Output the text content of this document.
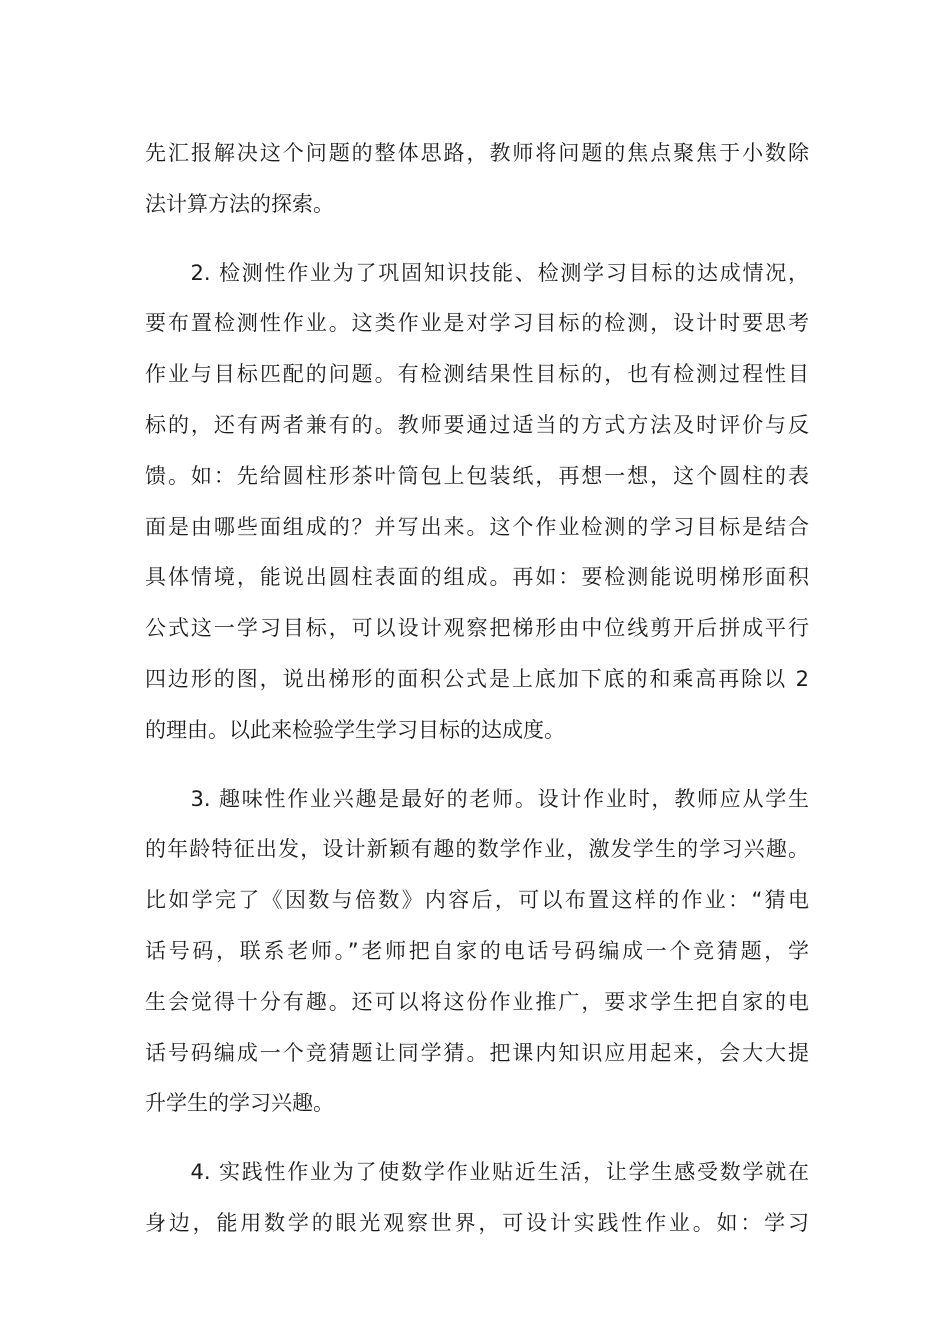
先汇报解决这个问题的整体思路，教师将问题的焦点聚焦于小数除
法计算方法的探索。
　　2. 检测性作业为了巩固知识技能、检测学习目标的达成情况，
要布置检测性作业。这类作业是对学习目标的检测，设计时要思考
作业与目标匹配的问题。有检测结果性目标的，也有检测过程性目
标的，还有两者兼有的。教师要通过适当的方式方法及时评价与反
馈。如：先给圆柱形茶叶筒包上包装纸，再想一想，这个圆柱的表
面是由哪些面组成的？并写出来。这个作业检测的学习目标是结合
具体情境，能说出圆柱表面的组成。再如：要检测能说明梯形面积
公式这一学习目标，可以设计观察把梯形由中位线剪开后拼成平行
四边形的图，说出梯形的面积公式是上底加下底的和乘高再除以 2
的理由。以此来检验学生学习目标的达成度。
　　3. 趣味性作业兴趣是最好的老师。设计作业时，教师应从学生
的年龄特征出发，设计新颖有趣的数学作业，激发学生的学习兴趣。
比如学完了《因数与倍数》内容后，可以布置这样的作业：“猜电
话号码，联系老师。”老师把自家的电话号码编成一个竞猜题，学
生会觉得十分有趣。还可以将这份作业推广，要求学生把自家的电
话号码编成一个竞猜题让同学猜。把课内知识应用起来，会大大提
升学生的学习兴趣。
　　4. 实践性作业为了使数学作业贴近生活，让学生感受数学就在
身边，能用数学的眼光观察世界，可设计实践性作业。如：学习
